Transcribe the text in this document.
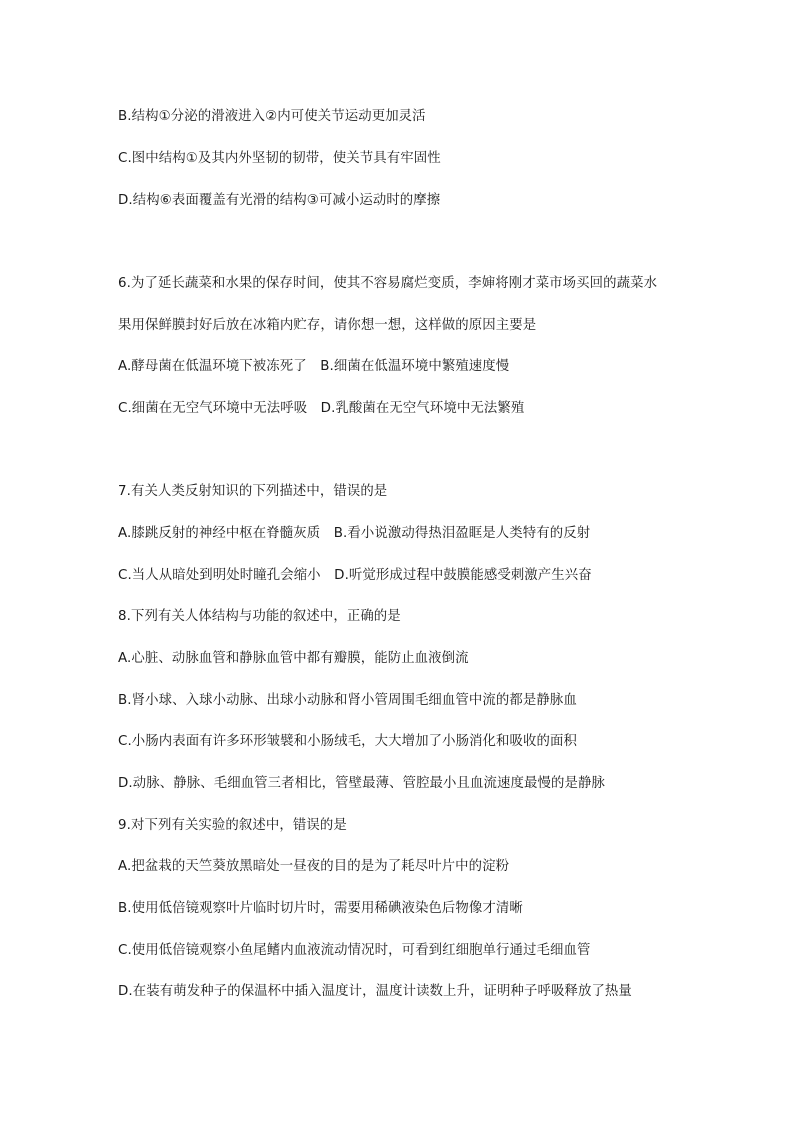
B.结构①分泌的滑液进入②内可使关节运动更加灵活
C.图中结构①及其内外坚韧的韧带，使关节具有牢固性
D.结构⑥表面覆盖有光滑的结构③可减小运动时的摩擦
6.为了延长蔬菜和水果的保存时间，使其不容易腐烂变质，李婶将刚才菜市场买回的蔬菜水
果用保鲜膜封好后放在冰箱内贮存，请你想一想，这样做的原因主要是
A.酵母菌在低温环境下被冻死了　B.细菌在低温环境中繁殖速度慢
C.细菌在无空气环境中无法呼吸　D.乳酸菌在无空气环境中无法繁殖
7.有关人类反射知识的下列描述中，错误的是
A.膝跳反射的神经中枢在脊髓灰质　B.看小说激动得热泪盈眶是人类特有的反射
C.当人从暗处到明处时瞳孔会缩小　D.听觉形成过程中鼓膜能感受刺激产生兴奋
8.下列有关人体结构与功能的叙述中，正确的是
A.心脏、动脉血管和静脉血管中都有瓣膜，能防止血液倒流
B.肾小球、入球小动脉、出球小动脉和肾小管周围毛细血管中流的都是静脉血
C.小肠内表面有许多环形皱襞和小肠绒毛，大大增加了小肠消化和吸收的面积
D.动脉、静脉、毛细血管三者相比，管壁最薄、管腔最小且血流速度最慢的是静脉
9.对下列有关实验的叙述中，错误的是
A.把盆栽的天竺葵放黑暗处一昼夜的目的是为了耗尽叶片中的淀粉
B.使用低倍镜观察叶片临时切片时，需要用稀碘液染色后物像才清晰
C.使用低倍镜观察小鱼尾鳍内血液流动情况时，可看到红细胞单行通过毛细血管
D.在装有萌发种子的保温杯中插入温度计，温度计读数上升，证明种子呼吸释放了热量
